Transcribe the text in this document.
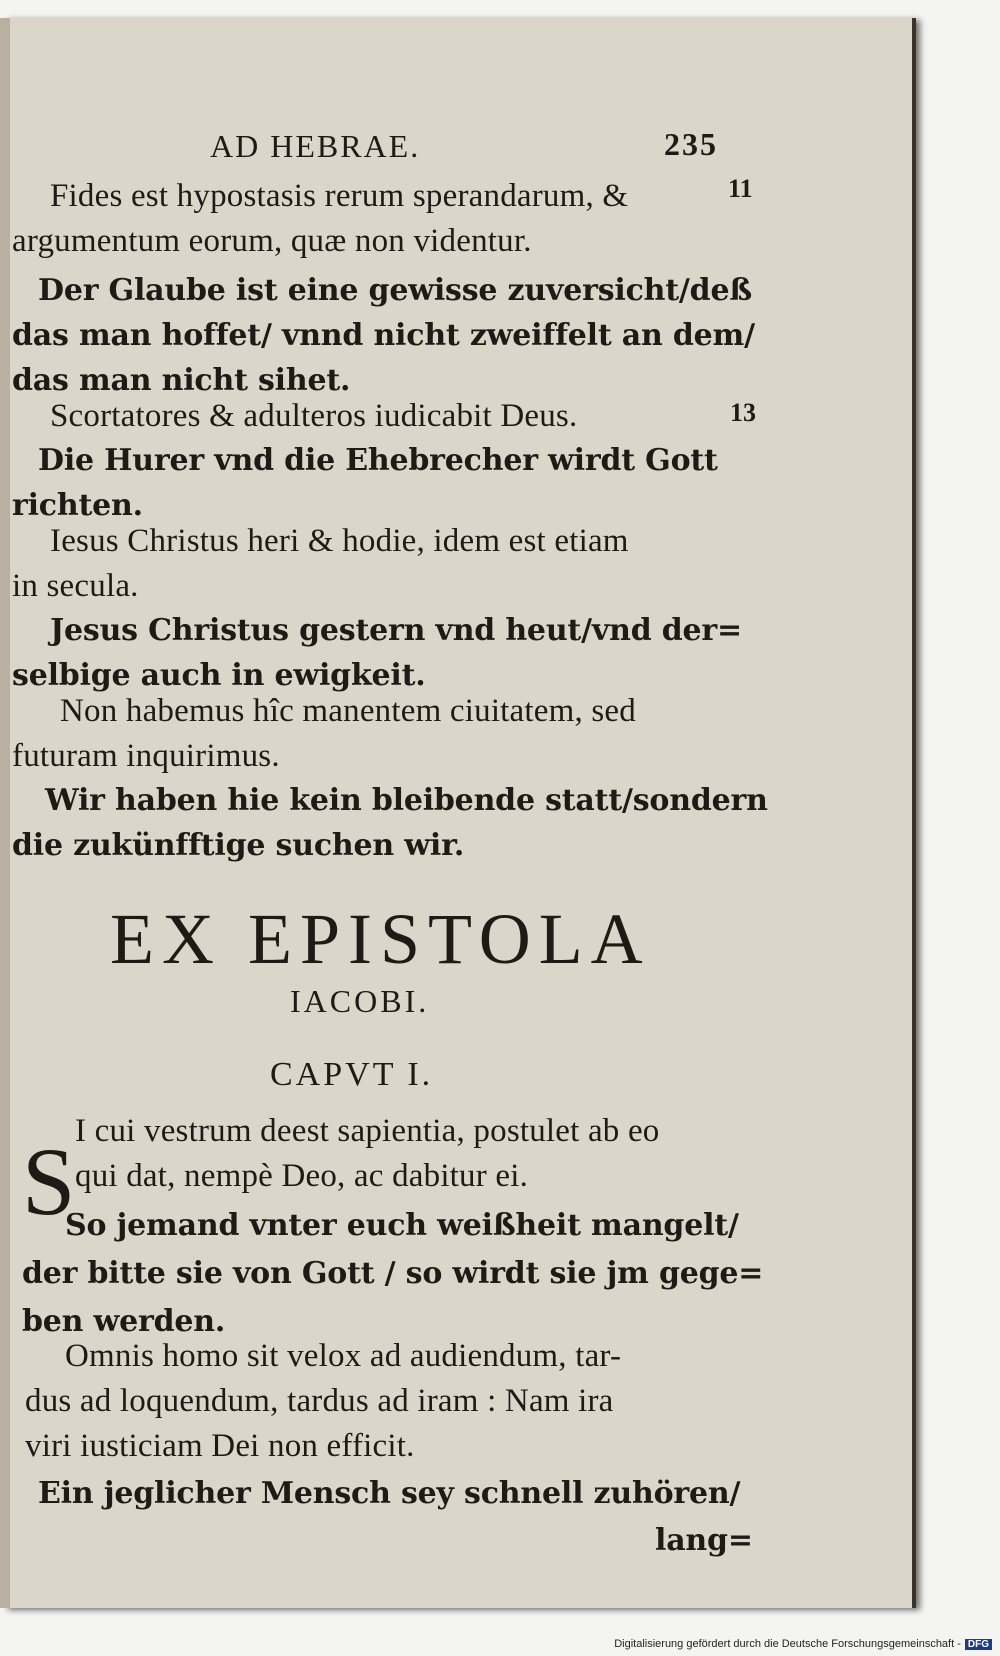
AD HEBRAE.	235
Fides est hypostasis rerum sperandarum, &	11
argumentum eorum, quæ non videntur.
Der Glaube ist eine gewisse zuversicht/deß
das man hoffet/ vnnd nicht zweiffelt an dem/
das man nicht sihet.
Scortatores & adulteros iudicabit Deus.	13
Die Hurer vnd die Ehebrecher wirdt Gott
richten.
Iesus Christus heri & hodie, idem est etiam
in secula.
Jesus Christus gestern vnd heut/vnd der=
selbige auch in ewigkeit.
Non habemus hîc manentem ciuitatem, sed
futuram inquirimus.
Wir haben hie kein bleibende statt/sondern
die zukünfftige suchen wir.
EX EPISTOLA
IACOBI.
CAPVT I.
S I cui vestrum deest sapientia, postulet ab eo
qui dat, nempè Deo, ac dabitur ei.
So jemand vnter euch weißheit mangelt/
der bitte sie von Gott / so wirdt sie jm gege=
ben werden.
Omnis homo sit velox ad audiendum, tar-
dus ad loquendum, tardus ad iram : Nam ira
viri iusticiam Dei non efficit.
Ein jeglicher Mensch sey schnell zuhören/
lang=
Digitalisierung gefördert durch die Deutsche Forschungsgemeinschaft - DFG
